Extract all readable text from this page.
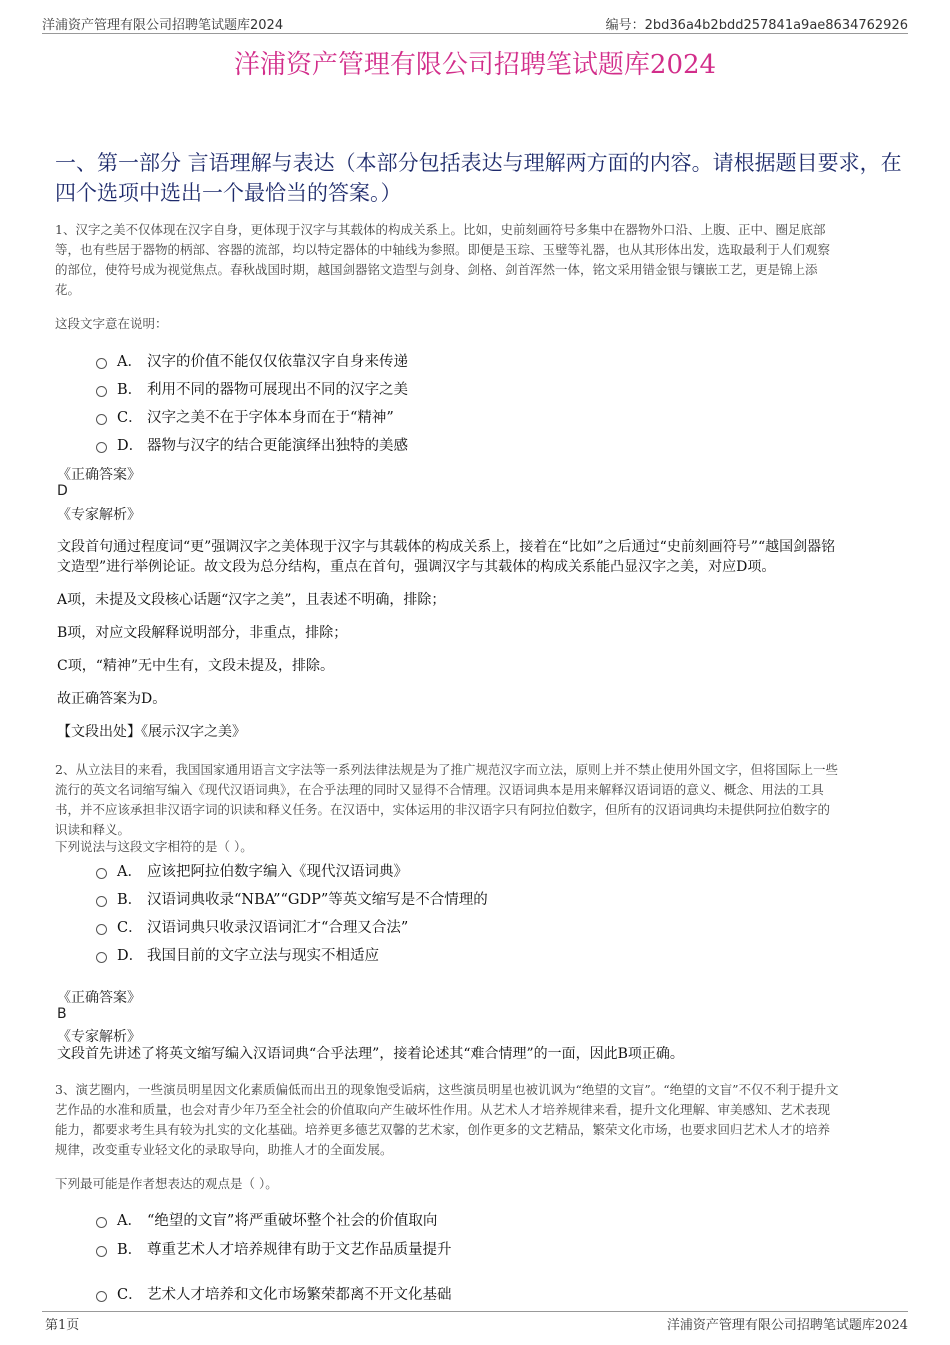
洋浦资产管理有限公司招聘笔试题库2024	编号：2bd36a4b2bdd257841a9ae8634762926
洋浦资产管理有限公司招聘笔试题库2024
一、第一部分 言语理解与表达（本部分包括表达与理解两方面的内容。请根据题目要求，在四个选项中选出一个最恰当的答案。）
1、汉字之美不仅体现在汉字自身，更体现于汉字与其载体的构成关系上。比如，史前刻画符号多集中在器物外口沿、上腹、正中、圈足底部
等，也有些居于器物的柄部、容器的流部，均以特定器体的中轴线为参照。即便是玉琮、玉璧等礼器，也从其形体出发，选取最利于人们观察
的部位，使符号成为视觉焦点。春秋战国时期，越国剑器铭文造型与剑身、剑格、剑首浑然一体，铭文采用错金银与镶嵌工艺，更是锦上添
花。
这段文字意在说明：
A． 汉字的价值不能仅仅依靠汉字自身来传递
B． 利用不同的器物可展现出不同的汉字之美
C． 汉字之美不在于字体本身而在于“精神”
D． 器物与汉字的结合更能演绎出独特的美感
《正确答案》
D
《专家解析》
文段首句通过程度词“更”强调汉字之美体现于汉字与其载体的构成关系上，接着在“比如”之后通过“史前刻画符号”“越国剑器铭
文造型”进行举例论证。故文段为总分结构，重点在首句，强调汉字与其载体的构成关系能凸显汉字之美，对应D项。
A项，未提及文段核心话题“汉字之美”，且表述不明确，排除；
B项，对应文段解释说明部分，非重点，排除；
C项，“精神”无中生有，文段未提及，排除。
故正确答案为D。
【文段出处】《展示汉字之美》
2、从立法目的来看，我国国家通用语言文字法等一系列法律法规是为了推广规范汉字而立法，原则上并不禁止使用外国文字，但将国际上一些
流行的英文名词缩写编入《现代汉语词典》，在合乎法理的同时又显得不合情理。汉语词典本是用来解释汉语词语的意义、概念、用法的工具
书，并不应该承担非汉语字词的识读和释义任务。在汉语中，实体运用的非汉语字只有阿拉伯数字，但所有的汉语词典均未提供阿拉伯数字的
识读和释义。
下列说法与这段文字相符的是（ ）。
A． 应该把阿拉伯数字编入《现代汉语词典》
B． 汉语词典收录“NBA”“GDP”等英文缩写是不合情理的
C． 汉语词典只收录汉语词汇才“合理又合法”
D． 我国目前的文字立法与现实不相适应
《正确答案》
B
《专家解析》
文段首先讲述了将英文缩写编入汉语词典“合乎法理”，接着论述其“难合情理”的一面，因此B项正确。
3、演艺圈内，一些演员明星因文化素质偏低而出丑的现象饱受诟病，这些演员明星也被讥讽为“绝望的文盲”。“绝望的文盲”不仅不利于提升文
艺作品的水准和质量，也会对青少年乃至全社会的价值取向产生破坏性作用。从艺术人才培养规律来看，提升文化理解、审美感知、艺术表现
能力，都要求考生具有较为扎实的文化基础。培养更多德艺双馨的艺术家，创作更多的文艺精品，繁荣文化市场，也要求回归艺术人才的培养
规律，改变重专业轻文化的录取导向，助推人才的全面发展。
下列最可能是作者想表达的观点是（ ）。
A． “绝望的文盲”将严重破坏整个社会的价值取向
B． 尊重艺术人才培养规律有助于文艺作品质量提升
C． 艺术人才培养和文化市场繁荣都离不开文化基础
第1页	洋浦资产管理有限公司招聘笔试题库2024
